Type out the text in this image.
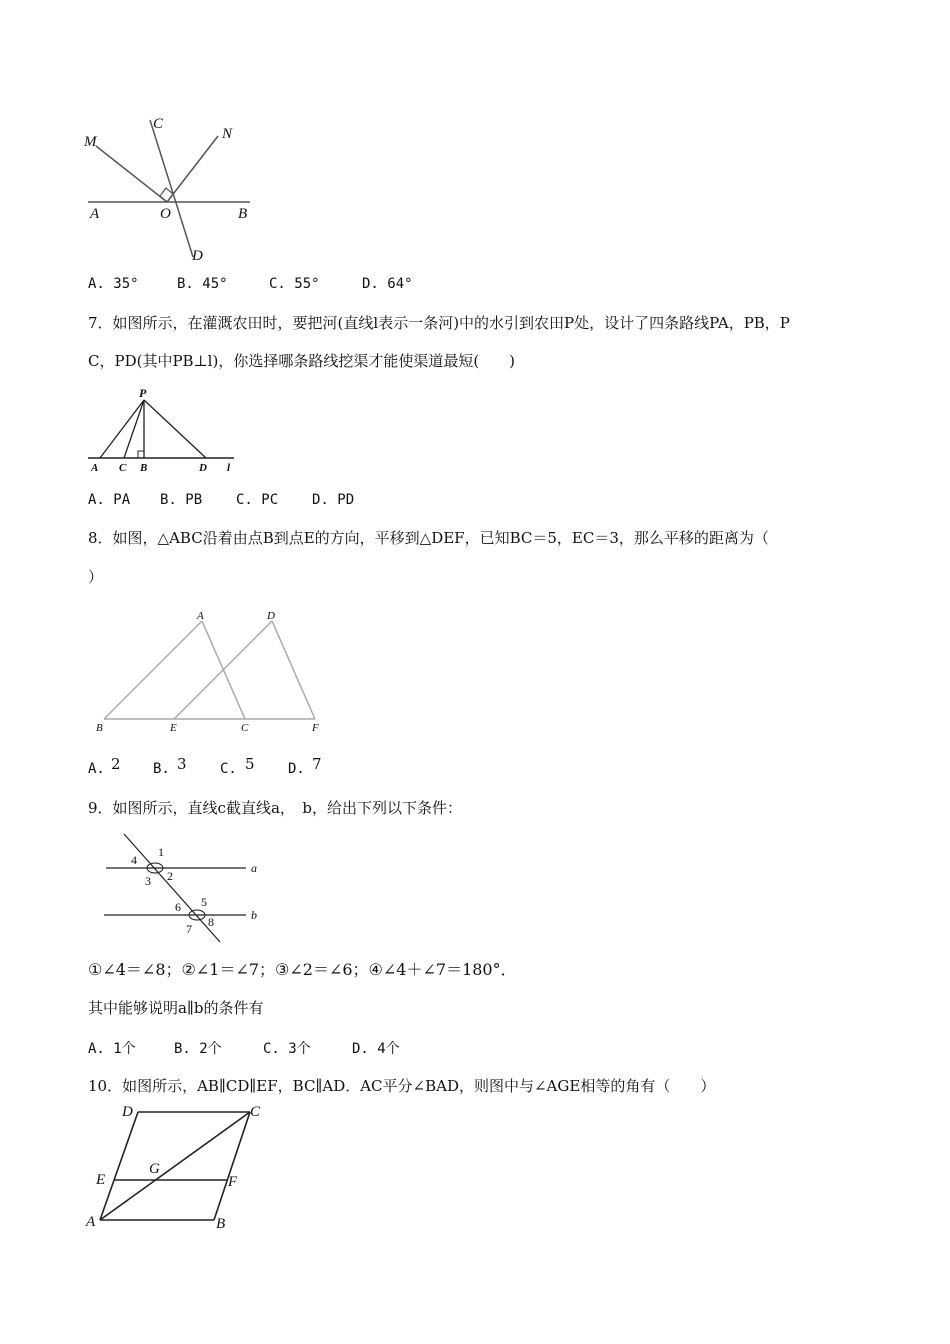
M
C
N
A	O	B
D
A. 35°	B. 45°	C. 55°	D. 64°
7．如图所示，在灌溉农田时，要把河(直线l表示一条河)中的水引到农田P处，设计了四条路线PA，PB，P
C，PD(其中PB⊥l)，你选择哪条路线挖渠才能使渠道最短(　　)
P
A C B	D l
A. PA B. PB C. PC D. PD
8．如图，△ABC沿着由点B到点E的方向，平移到△DEF，已知BC＝5，EC＝3，那么平移的距离为（
）
A	D
B	E	C	F
A. 2 B. 3 C. 5 D. 7
9．如图所示，直线c截直线a，　b，给出下列以下条件：
1
4
3 2
6 5
8
7
a
b
①∠4＝∠8；②∠1＝∠7；③∠2＝∠6；④∠4＋∠7＝180°．
其中能够说明a∥b的条件有
A. 1个	B. 2个	C. 3个	D. 4个
10．如图所示，AB∥CD∥EF，BC∥AD．AC平分∠BAD，则图中与∠AGE相等的角有（　　）
D	C
E
G
F
A	B
